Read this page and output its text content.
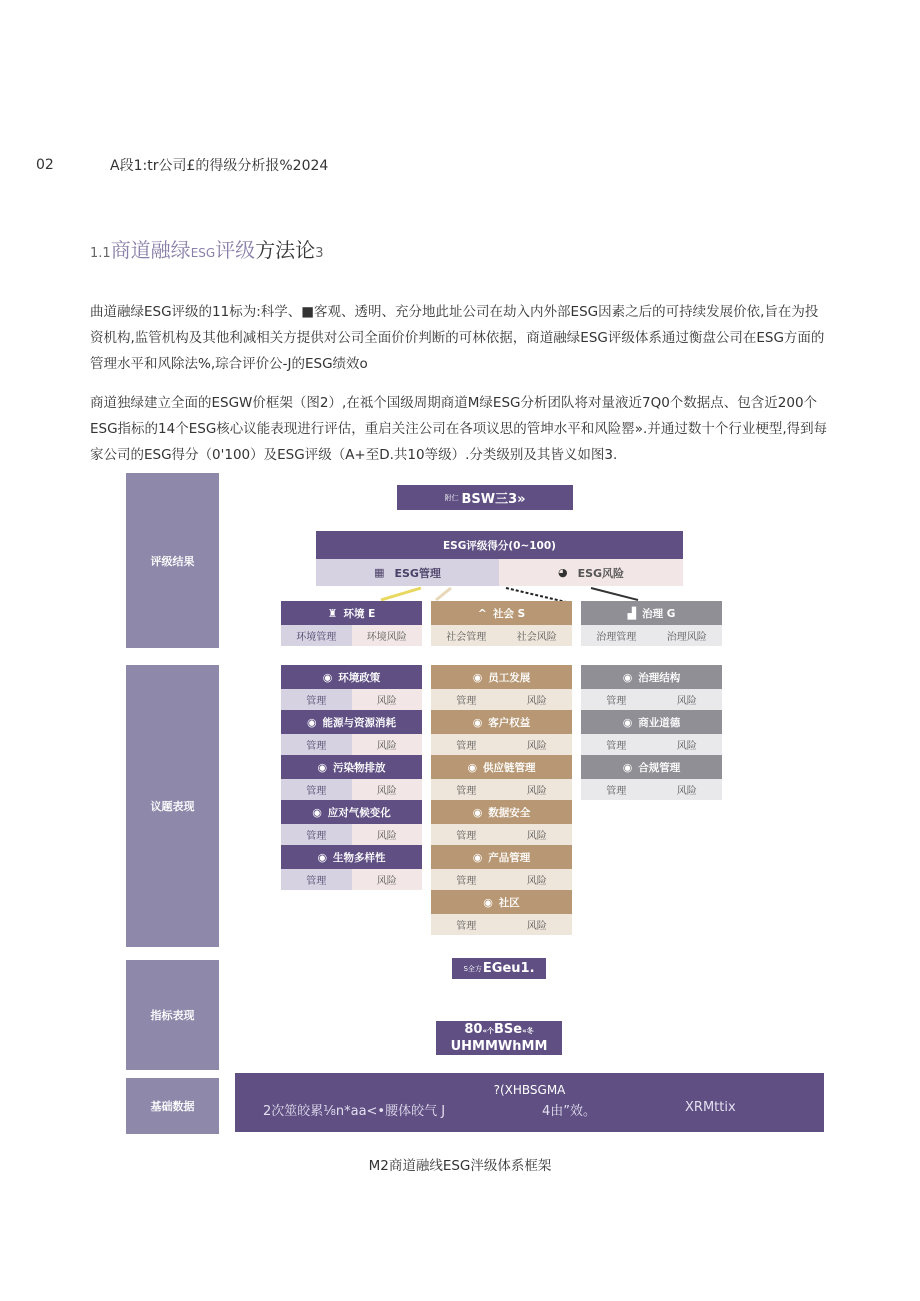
02	A段1:tr公司£的得级分析报%2024
1.1商道融绿ESG评级方法论3
曲道融绿ESG评级的11标为:科学、■客观、透明、充分地此址公司在劫入内外部ESG因素之后的可持续发展价依,旨在为投资机构,监管机构及其他利减相关方提供对公司全面价价判断的可林依据，商道融绿ESG评级体系通过衡盘公司在ESG方面的管理水平和风除法%,琮合评价公-J的ESG绩效o
商道独绿建立全面的ESGW价框架（图2）,在祗个国级周期商道M绿ESG分析团队将对量液近7Q0个数据点、包含近200个ESG指标的14个ESG核心议能表现进行评估，重启关注公司在各项议思的管坤水平和风险罂».并通过数十个行业梗型,得到每家公司的ESG得分（0'100）及ESG评级（A+至D.共10等级）.分类级别及其皆义如图3.
评级结果
议题表现
指标表现
基础数据
附仁 BSW三3»
ESG评级得分(0~100)
▦ ESG管理	◕ ESG风险
♜ 环境 E
环境管理	环境风险
^ 社会 S
社会管理	社会风险
▟ 治理 G
治理管理	治理风险
◉ 环境政策
管理	风险
◉ 能源与资源消耗
管理	风险
◉ 污染物排放
管理	风险
◉ 应对气候变化
管理	风险
◉ 生物多样性
管理	风险
◉ 员工发展
管理	风险
◉ 客户权益
管理	风险
◉ 供应链管理
管理	风险
◉ 数据安全
管理	风险
◉ 产品管理
管理	风险
◉ 社区
管理	风险
◉ 治理结构
管理	风险
◉ 商业道德
管理	风险
◉ 合规管理
管理	风险
S全方 EGeu1.
80«个BSe«冬
UHMMWhMM
?(XHBSGMA
2次筮皎累⅛n*aa<•腰体皎气 J	4由”效。	XRMttix
M2商道融线ESG泮级体系框架
